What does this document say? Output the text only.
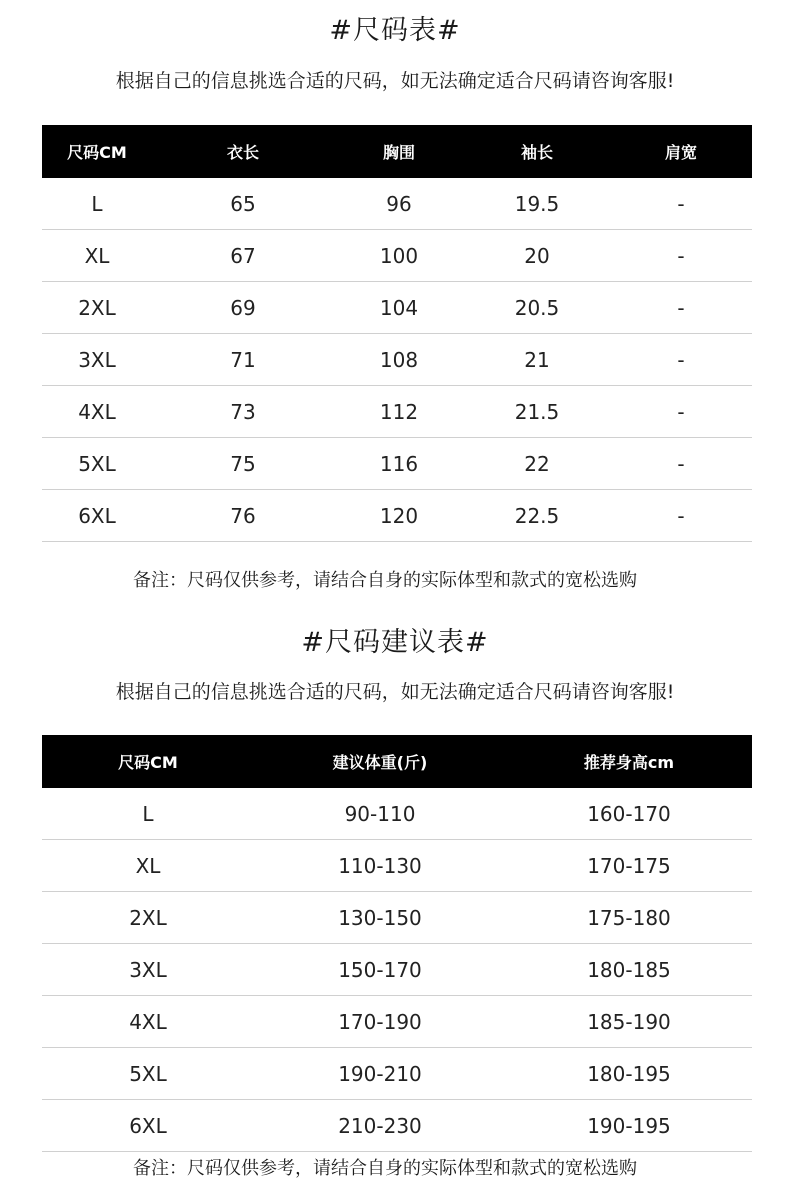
#尺码表#
根据自己的信息挑选合适的尺码，如无法确定适合尺码请咨询客服!
尺码CM	衣长	胸围	袖长	肩宽
L	65	96	19.5	-
XL	67	100	20	-
2XL	69	104	20.5	-
3XL	71	108	21	-
4XL	73	112	21.5	-
5XL	75	116	22	-
6XL	76	120	22.5	-
备注：尺码仅供参考，请结合自身的实际体型和款式的宽松选购
#尺码建议表#
根据自己的信息挑选合适的尺码，如无法确定适合尺码请咨询客服!
尺码CM	建议体重(斤)	推荐身高cm
L	90-110	160-170
XL	110-130	170-175
2XL	130-150	175-180
3XL	150-170	180-185
4XL	170-190	185-190
5XL	190-210	180-195
6XL	210-230	190-195
备注：尺码仅供参考，请结合自身的实际体型和款式的宽松选购
